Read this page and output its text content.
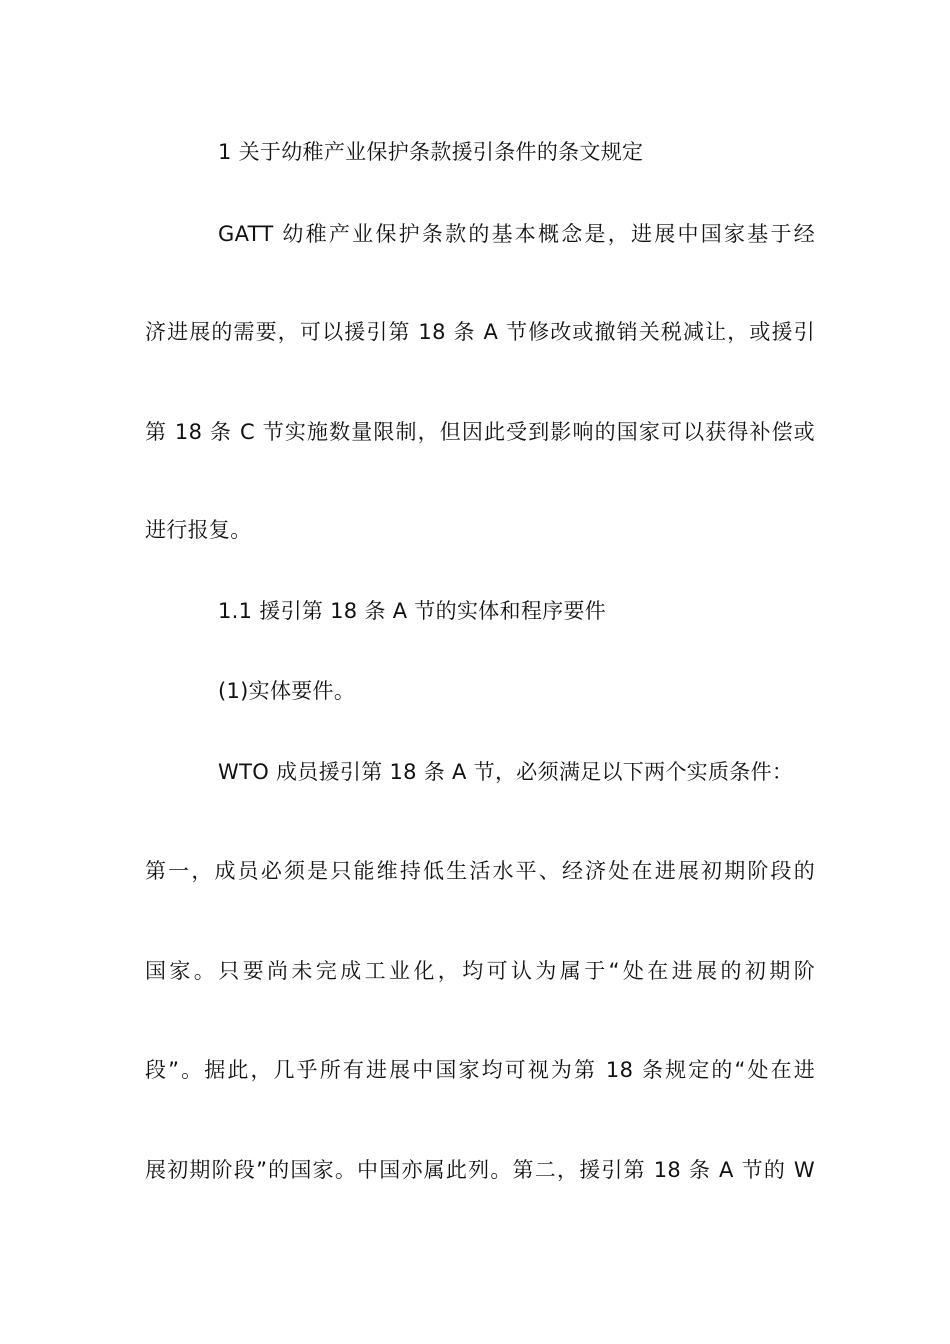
1 关于幼稚产业保护条款援引条件的条文规定
GATT 幼稚产业保护条款的基本概念是，进展中国家基于经
济进展的需要，可以援引第 18 条 A 节修改或撤销关税减让，或援引
第 18 条 C 节实施数量限制，但因此受到影响的国家可以获得补偿或
进行报复。
1.1 援引第 18 条 A 节的实体和程序要件
(1)实体要件。
WTO 成员援引第 18 条 A 节，必须满足以下两个实质条件：
第一，成员必须是只能维持低生活水平、经济处在进展初期阶段的
国家。只要尚未完成工业化，均可认为属于“处在进展的初期阶
段”。据此，几乎所有进展中国家均可视为第 18 条规定的“处在进
展初期阶段”的国家。中国亦属此列。第二，援引第 18 条 A 节的 W
